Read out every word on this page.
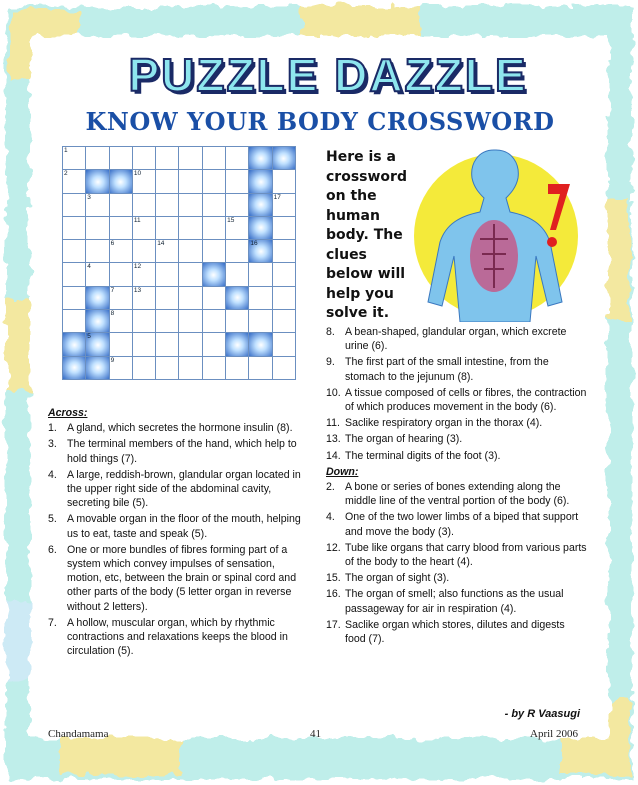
PUZZLE DAZZLE
KNOW YOUR BODY CROSSWORD
1									

2			10						

	3								17

			11				15		

		6		14				16	

	4		12						

		7	13						

		8							

	5								

		9							

Here is a crossword on the human body. The clues below will help you solve it.
Across:
1. A gland, which secretes the hormone insulin (8).
3. The terminal members of the hand, which help to hold things (7).
4. A large, reddish-brown, glandular organ located in the upper right side of the abdominal cavity, secreting bile (5).
5. A movable organ in the floor of the mouth, helping us to eat, taste and speak (5).
6. One or more bundles of fibres forming part of a system which convey impulses of sensation, motion, etc, between the brain or spinal cord and other parts of the body (5 letter organ in reverse without 2 letters).
7. A hollow, muscular organ, which by rhythmic contractions and relaxations keeps the blood in circulation (5).
8. A bean-shaped, glandular organ, which excrete urine (6).
9. The first part of the small intestine, from the stomach to the jejunum (8).
10. A tissue composed of cells or fibres, the contraction of which produces movement in the body (6).
11. Saclike respiratory organ in the thorax (4).
13. The organ of hearing (3).
14. The terminal digits of the foot (3).
Down:
2. A bone or series of bones extending along the middle line of the ventral portion of the body (6).
4. One of the two lower limbs of a biped that support and move the body (3).
12. Tube like organs that carry blood from various parts of the body to the heart (4).
15. The organ of sight (3).
16. The organ of smell; also functions as the usual passageway for air in respiration (4).
17. Saclike organ which stores, dilutes and digests food (7).
- by R Vaasugi
Chandamama	41	April 2006
